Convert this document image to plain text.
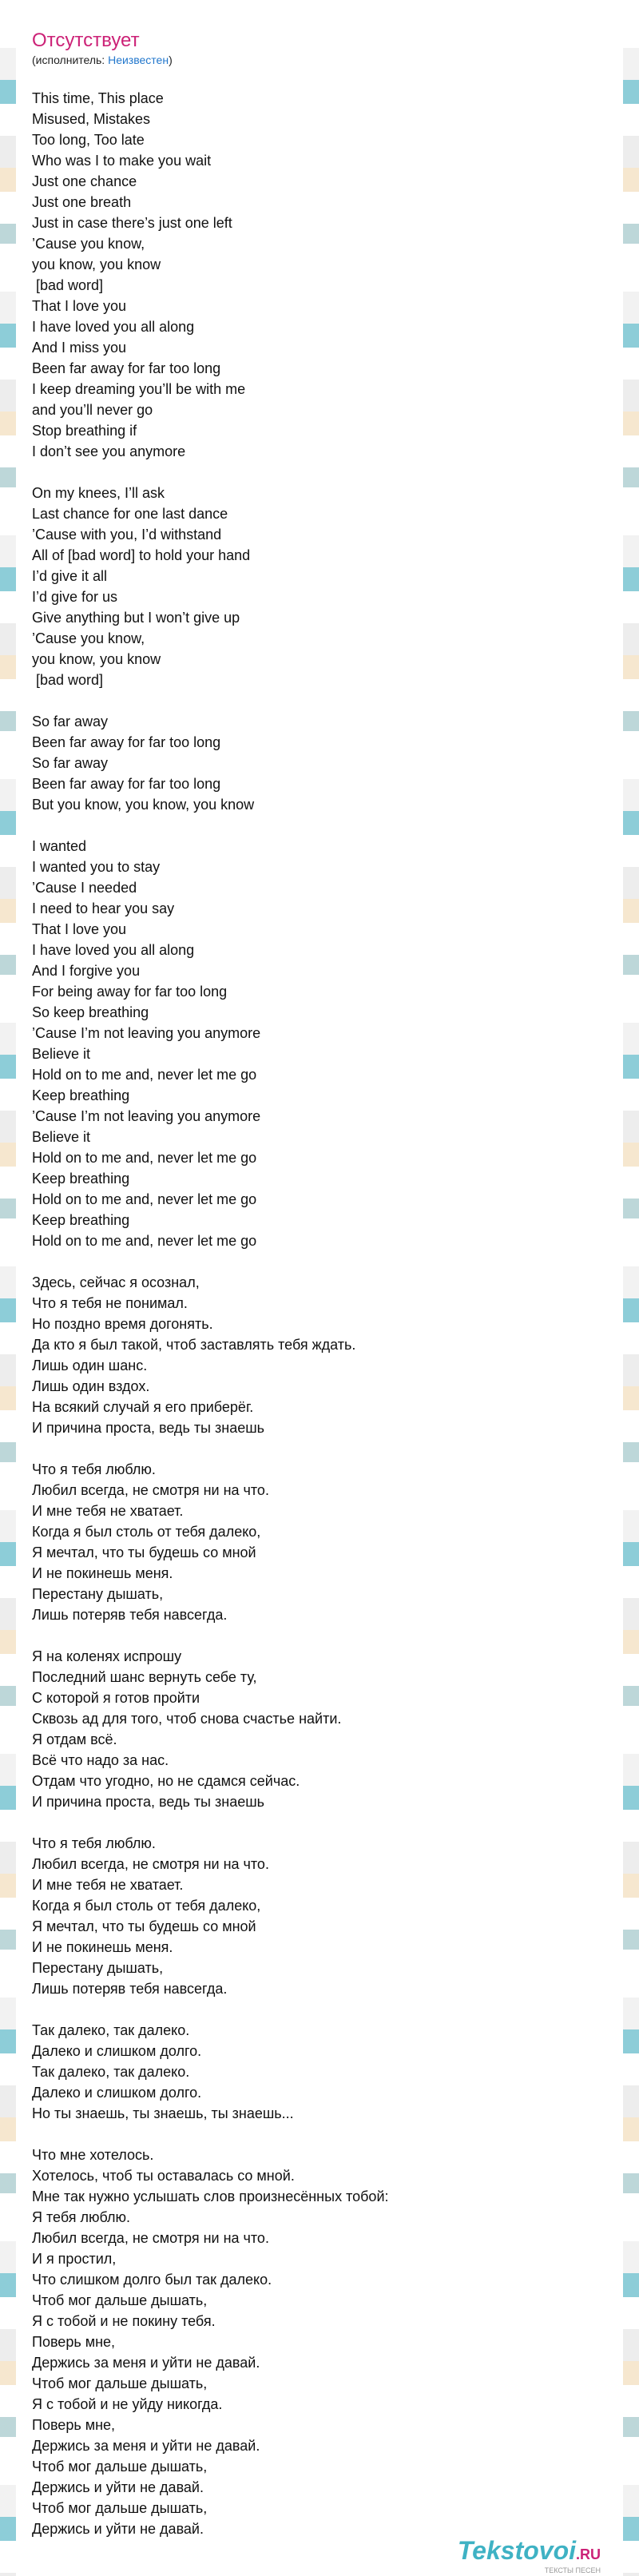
Отсутствует
(исполнитель: Неизвестен)
This time, This place
Misused, Mistakes
Too long, Too late
Who was I to make you wait
Just one chance
Just one breath
Just in case there’s just one left
’Cause you know,
you know, you know
[bad word]
That I love you
I have loved you all along
And I miss you
Been far away for far too long
I keep dreaming you’ll be with me
and you’ll never go
Stop breathing if
I don’t see you anymore
On my knees, I’ll ask
Last chance for one last dance
’Cause with you, I’d withstand
All of [bad word] to hold your hand
I’d give it all
I’d give for us
Give anything but I won’t give up
’Cause you know,
you know, you know
[bad word]
So far away
Been far away for far too long
So far away
Been far away for far too long
But you know, you know, you know
I wanted
I wanted you to stay
’Cause I needed
I need to hear you say
That I love you
I have loved you all along
And I forgive you
For being away for far too long
So keep breathing
’Cause I’m not leaving you anymore
Believe it
Hold on to me and, never let me go
Keep breathing
’Cause I’m not leaving you anymore
Believe it
Hold on to me and, never let me go
Keep breathing
Hold on to me and, never let me go
Keep breathing
Hold on to me and, never let me go
Здесь, сейчас я осознал,
Что я тебя не понимал.
Но поздно время догонять.
Да кто я был такой, чтоб заставлять тебя ждать.
Лишь один шанс.
Лишь один вздох.
На всякий случай я его приберёг.
И причина проста, ведь ты знаешь
Что я тебя люблю.
Любил всегда, не смотря ни на что.
И мне тебя не хватает.
Когда я был столь от тебя далеко,
Я мечтал, что ты будешь со мной
И не покинешь меня.
Перестану дышать,
Лишь потеряв тебя навсегда.
Я на коленях испрошу
Последний шанс вернуть себе ту,
С которой я готов пройти
Сквозь ад для того, чтоб снова счастье найти.
Я отдам всё.
Всё что надо за нас.
Отдам что угодно, но не сдамся сейчас.
И причина проста, ведь ты знаешь
Что я тебя люблю.
Любил всегда, не смотря ни на что.
И мне тебя не хватает.
Когда я был столь от тебя далеко,
Я мечтал, что ты будешь со мной
И не покинешь меня.
Перестану дышать,
Лишь потеряв тебя навсегда.
Так далеко, так далеко.
Далеко и слишком долго.
Так далеко, так далеко.
Далеко и слишком долго.
Но ты знаешь, ты знаешь, ты знаешь...
Что мне хотелось.
Хотелось, чтоб ты оставалась со мной.
Мне так нужно услышать слов произнесённых тобой:
Я тебя люблю.
Любил всегда, не смотря ни на что.
И я простил,
Что слишком долго был так далеко.
Чтоб мог дальше дышать,
Я с тобой и не покину тебя.
Поверь мне,
Держись за меня и уйти не давай.
Чтоб мог дальше дышать,
Я с тобой и не уйду никогда.
Поверь мне,
Держись за меня и уйти не давай.
Чтоб мог дальше дышать,
Держись и уйти не давай.
Чтоб мог дальше дышать,
Держись и уйти не давай.
Tekstovoi.RU
ТЕКСТЫ ПЕСЕН
